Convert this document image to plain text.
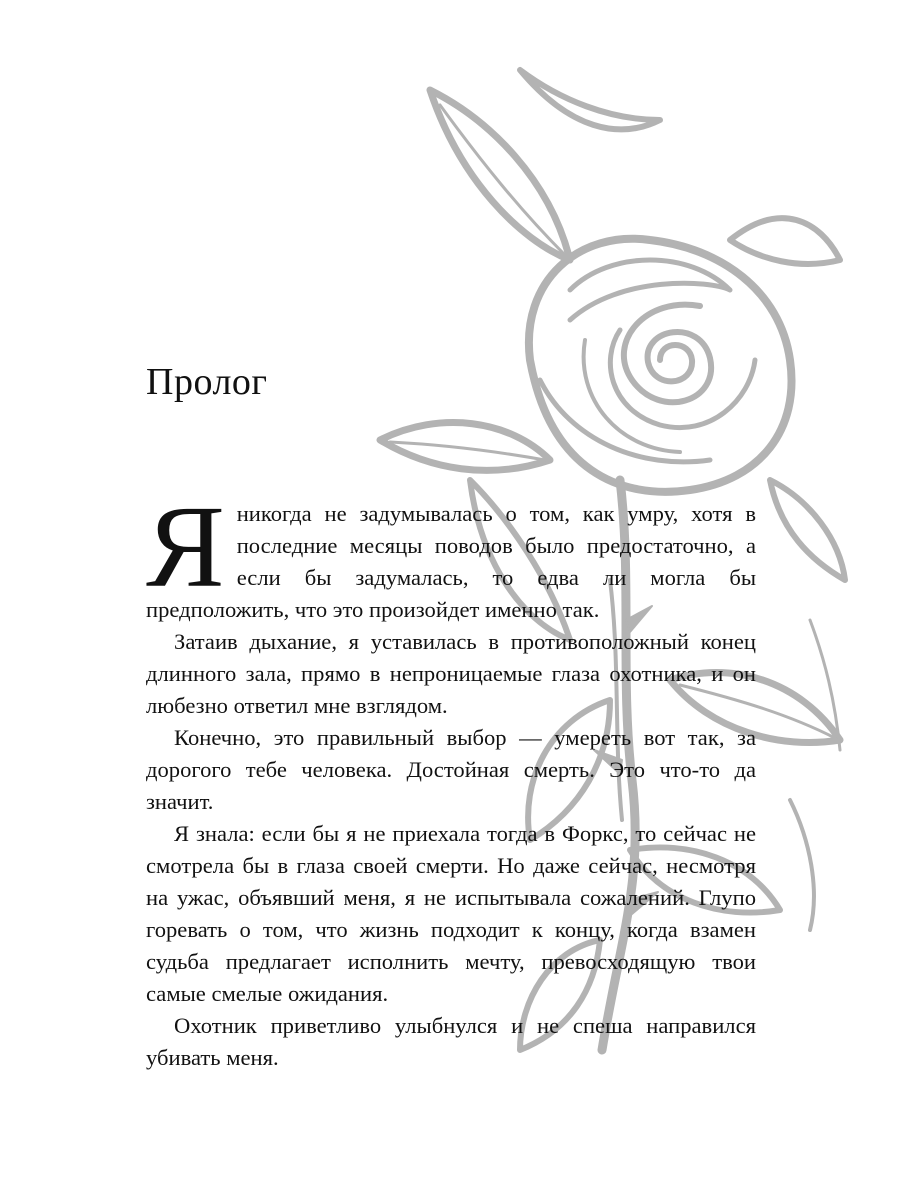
Пролог

Я никогда не задумывалась о том, как умру, хотя в последние месяцы поводов было предостаточно, а если бы задумалась, то едва ли могла бы предположить, что это произойдет именно так.

Затаив дыхание, я уставилась в противоположный конец длинного зала, прямо в непроницаемые глаза охотника, и он любезно ответил мне взглядом.

Конечно, это правильный выбор — умереть вот так, за дорогого тебе человека. Достойная смерть. Это что-то да значит.

Я знала: если бы я не приехала тогда в Форкс, то сейчас не смотрела бы в глаза своей смерти. Но даже сейчас, несмотря на ужас, объявший меня, я не испытывала сожалений. Глупо горевать о том, что жизнь подходит к концу, когда взамен судьба предлагает исполнить мечту, превосходящую твои самые смелые ожидания.

Охотник приветливо улыбнулся и не спеша направился убивать меня.
